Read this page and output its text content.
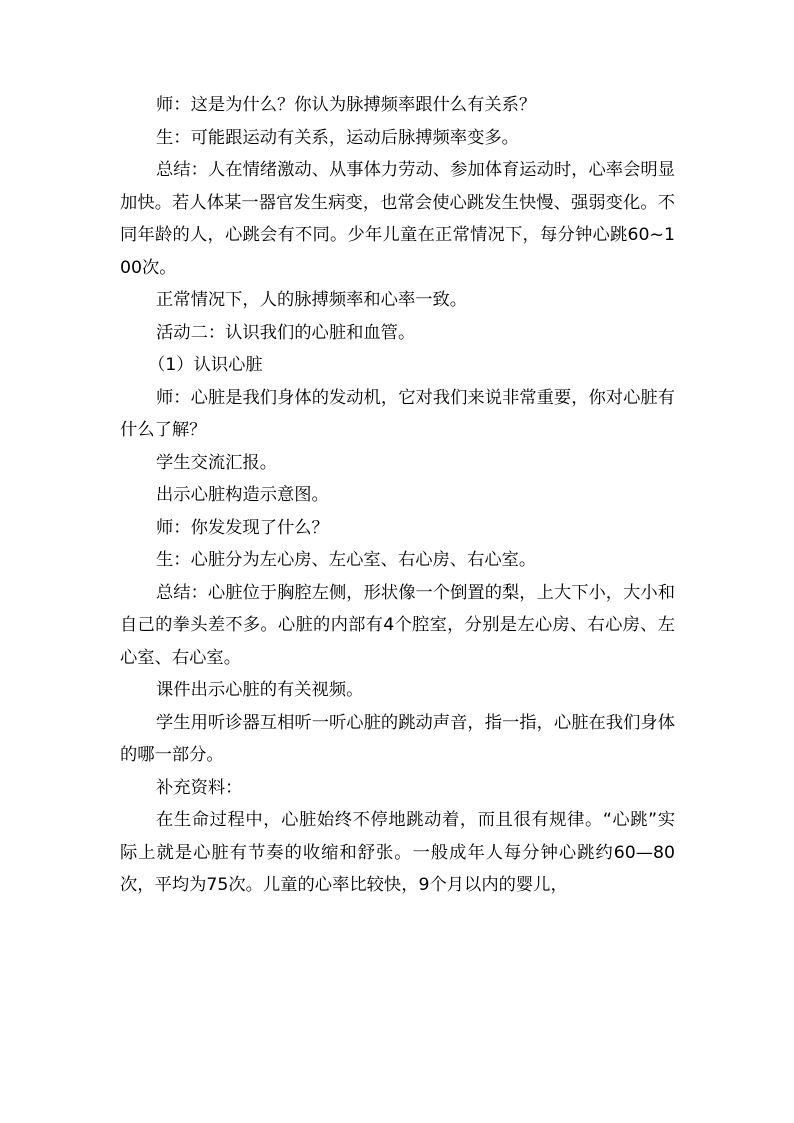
师：这是为什么？你认为脉搏频率跟什么有关系？

生：可能跟运动有关系，运动后脉搏频率变多。

总结：人在情绪激动、从事体力劳动、参加体育运动时，心率会明显加快。若人体某一器官发生病变，也常会使心跳发生快慢、强弱变化。不同年龄的人，心跳会有不同。少年儿童在正常情况下，每分钟心跳60~100次。

正常情况下，人的脉搏频率和心率一致。

活动二：认识我们的心脏和血管。

（1）认识心脏

师：心脏是我们身体的发动机，它对我们来说非常重要，你对心脏有什么了解？

学生交流汇报。

出示心脏构造示意图。

师：你发发现了什么？

生：心脏分为左心房、左心室、右心房、右心室。

总结：心脏位于胸腔左侧，形状像一个倒置的梨，上大下小，大小和自己的拳头差不多。心脏的内部有4个腔室，分别是左心房、右心房、左心室、右心室。

课件出示心脏的有关视频。

学生用听诊器互相听一听心脏的跳动声音，指一指，心脏在我们身体的哪一部分。

补充资料：

在生命过程中，心脏始终不停地跳动着，而且很有规律。“心跳”实际上就是心脏有节奏的收缩和舒张。一般成年人每分钟心跳约60—80次，平均为75次。儿童的心率比较快，9个月以内的婴儿，
